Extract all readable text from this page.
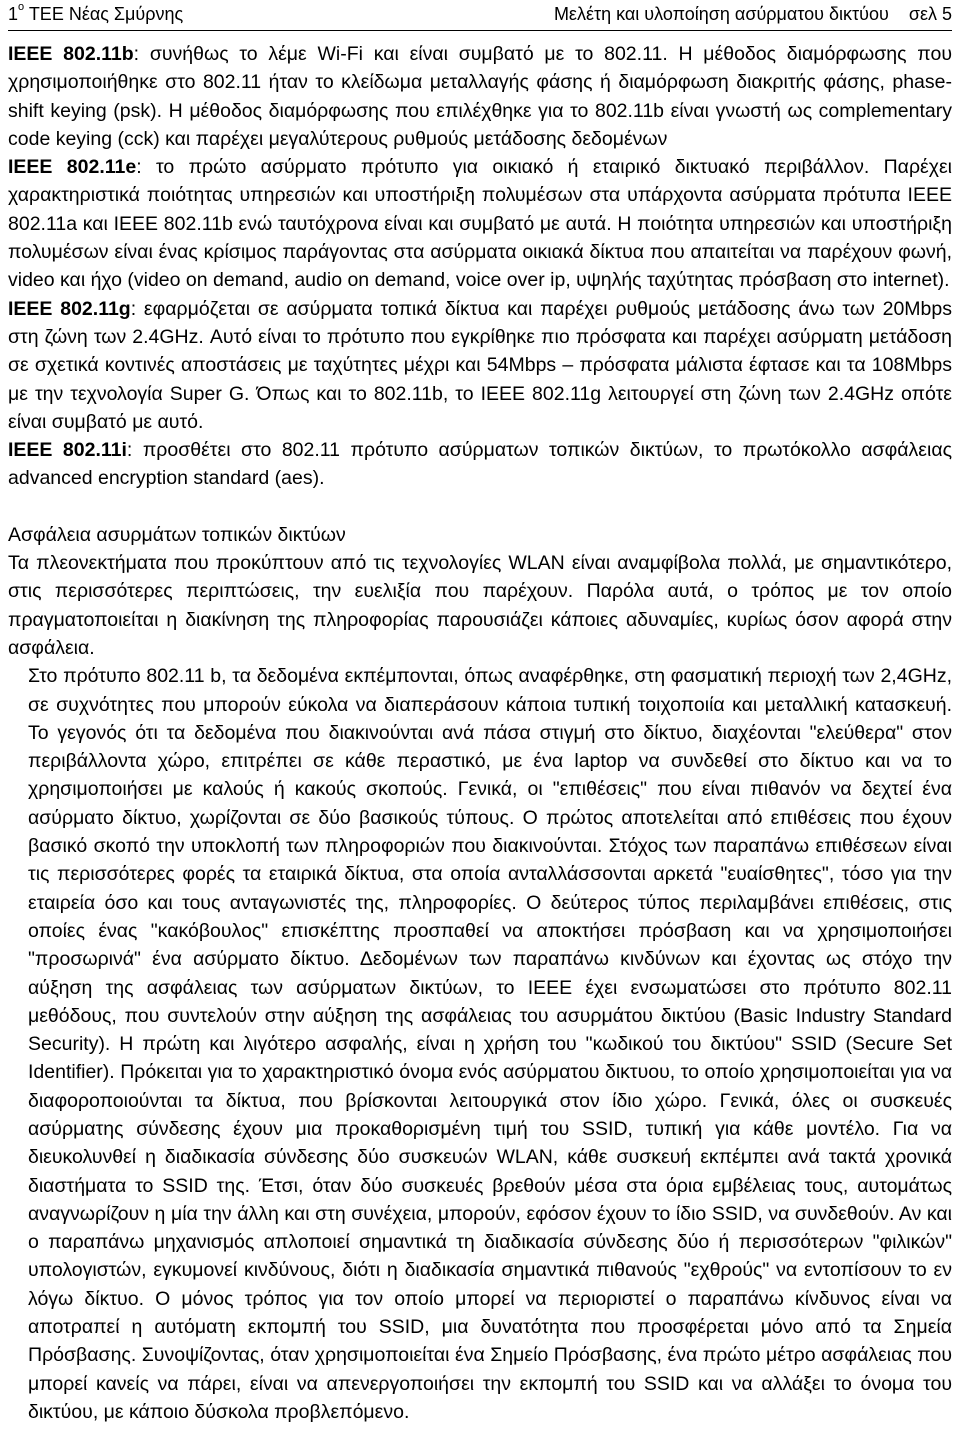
$1^o$ ΤΕΕ Νέας Σμύρνης	Μελέτη και υλοποίηση ασύρματου δικτύου    σελ 5

IEEE 802.11b: συνήθως το λέμε Wi-Fi και είναι συμβατό με το 802.11. Η μέθοδος διαμόρφωσης που χρησιμοποιήθηκε στο 802.11 ήταν το κλείδωμα μεταλλαγής φάσης ή διαμόρφωση διακριτής φάσης, phase-shift keying (psk). Η μέθοδος διαμόρφωσης που επιλέχθηκε για το 802.11b είναι γνωστή ως complementary code keying (cck) και παρέχει μεγαλύτερους ρυθμούς μετάδοσης δεδομένων

IEEE 802.11e: το πρώτο ασύρματο πρότυπο για οικιακό ή εταιρικό δικτυακό περιβάλλον. Παρέχει χαρακτηριστικά ποιότητας υπηρεσιών και υποστήριξη πολυμέσων στα υπάρχοντα ασύρματα πρότυπα IEEE 802.11a και IEEE 802.11b ενώ ταυτόχρονα είναι και συμβατό με αυτά. Η ποιότητα υπηρεσιών και υποστήριξη πολυμέσων είναι ένας κρίσιμος παράγοντας στα ασύρματα οικιακά δίκτυα που απαιτείται να παρέχουν φωνή, video και ήχο (video on demand, audio on demand, voice over ip, υψηλής ταχύτητας πρόσβαση στο internet).

IEEE 802.11g: εφαρμόζεται σε ασύρματα τοπικά δίκτυα και παρέχει ρυθμούς μετάδοσης άνω των 20Mbps στη ζώνη των 2.4GHz. Αυτό είναι το πρότυπο που εγκρίθηκε πιο πρόσφατα και παρέχει ασύρματη μετάδοση σε σχετικά κοντινές αποστάσεις με ταχύτητες μέχρι και 54Mbps – πρόσφατα μάλιστα έφτασε και τα 108Mbps με την τεχνολογία Super G. Όπως και το 802.11b, το IEEE 802.11g λειτουργεί στη ζώνη των 2.4GHz οπότε είναι συμβατό με αυτό.

IEEE 802.11i: προσθέτει στο 802.11 πρότυπο ασύρματων τοπικών δικτύων, το πρωτόκολλο ασφάλειας advanced encryption standard (aes).

Ασφάλεια ασυρμάτων τοπικών δικτύων

Τα πλεονεκτήματα που προκύπτουν από τις τεχνολογίες WLAN είναι αναμφίβολα πολλά, με σημαντικότερο, στις περισσότερες περιπτώσεις, την ευελιξία που παρέχουν. Παρόλα αυτά, ο τρόπος με τον οποίο πραγματοποιείται η διακίνηση της πληροφορίας παρουσιάζει κάποιες αδυναμίες, κυρίως όσον αφορά στην ασφάλεια.

Στο πρότυπο 802.11 b, τα δεδομένα εκπέμπονται, όπως αναφέρθηκε, στη φασματική περιοχή των 2,4GHz, σε συχνότητες που μπορούν εύκολα να διαπεράσουν κάποια τυπική τοιχοποιία και μεταλλική κατασκευή. Το γεγονός ότι τα δεδομένα που διακινούνται ανά πάσα στιγμή στο δίκτυο, διαχέονται "ελεύθερα" στον περιβάλλοντα χώρο, επιτρέπει σε κάθε περαστικό, με ένα laptop να συνδεθεί στο δίκτυο και να το χρησιμοποιήσει με καλούς ή κακούς σκοπούς. Γενικά, οι "επιθέσεις" που είναι πιθανόν να δεχτεί ένα ασύρματο δίκτυο, χωρίζονται σε δύο βασικούς τύπους. Ο πρώτος αποτελείται από επιθέσεις που έχουν βασικό σκοπό την υποκλοπή των πληροφοριών που διακινούνται. Στόχος των παραπάνω επιθέσεων είναι τις περισσότερες φορές τα εταιρικά δίκτυα, στα οποία ανταλλάσσονται αρκετά "ευαίσθητες", τόσο για την εταιρεία όσο και τους ανταγωνιστές της, πληροφορίες. Ο δεύτερος τύπος περιλαμβάνει επιθέσεις, στις οποίες ένας "κακόβουλος" επισκέπτης προσπαθεί να αποκτήσει πρόσβαση και να χρησιμοποιήσει "προσωρινά" ένα ασύρματο δίκτυο. Δεδομένων των παραπάνω κινδύνων και έχοντας ως στόχο την αύξηση της ασφάλειας των ασύρματων δικτύων, το IEEE έχει ενσωματώσει στο πρότυπο 802.11 μεθόδους, που συντελούν στην αύξηση της ασφάλειας του ασυρμάτου δικτύου (Basic Industry Standard Security). Η πρώτη και λιγότερο ασφαλής, είναι η χρήση του "κωδικού του δικτύου" SSID (Secure Set Identifier). Πρόκειται για το χαρακτηριστικό όνομα ενός ασύρματου δικτυου, το οποίο χρησιμοποιείται για να διαφοροποιούνται τα δίκτυα, που βρίσκονται λειτουργικά στον ίδιο χώρο. Γενικά, όλες οι συσκευές ασύρματης σύνδεσης έχουν μια προκαθορισμένη τιμή του SSID, τυπική για κάθε μοντέλο. Για να διευκολυνθεί η διαδικασία σύνδεσης δύο συσκευών WLAN, κάθε συσκευή εκπέμπει ανά τακτά χρονικά διαστήματα το SSID της. Έτσι, όταν δύο συσκευές βρεθούν μέσα στα όρια εμβέλειας τους, αυτομάτως αναγνωρίζουν η μία την άλλη και στη συνέχεια, μπορούν, εφόσον έχουν το ίδιο SSID, να συνδεθούν. Αν και ο παραπάνω μηχανισμός απλοποιεί σημαντικά τη διαδικασία σύνδεσης δύο ή περισσότερων "φιλικών" υπολογιστών, εγκυμονεί κινδύνους, διότι η διαδικασία σημαντικά πιθανούς "εχθρούς" να εντοπίσουν το εν λόγω δίκτυο. Ο μόνος τρόπος για τον οποίο μπορεί να περιοριστεί ο παραπάνω κίνδυνος είναι να αποτραπεί η αυτόματη εκπομπή του SSID, μια δυνατότητα που προσφέρεται μόνο από τα Σημεία Πρόσβασης. Συνοψίζοντας, όταν χρησιμοποιείται ένα Σημείο Πρόσβασης, ένα πρώτο μέτρο ασφάλειας που μπορεί κανείς να πάρει, είναι να απενεργοποιήσει την εκπομπή του SSID και να αλλάξει το όνομα του δικτύου, με κάποιο δύσκολα προβλεπόμενο.
